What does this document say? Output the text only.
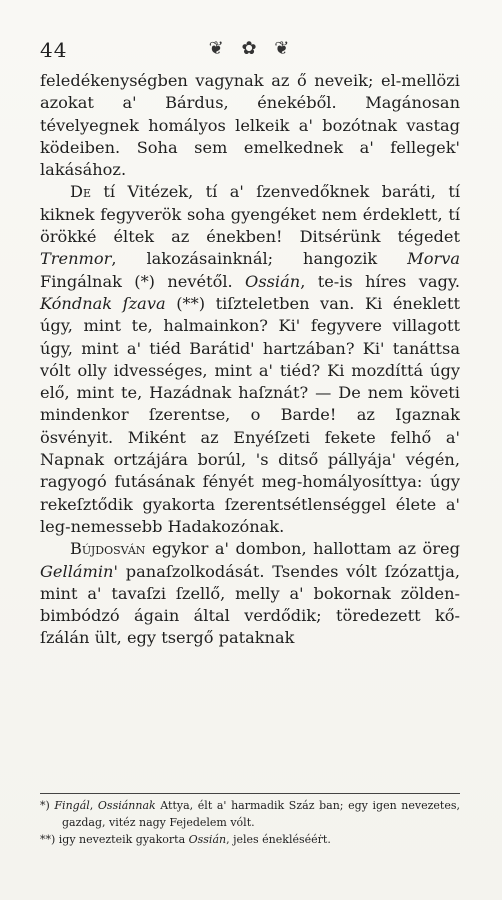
44	❦ ✿ ❦

feledékenységben vagynak az ő neveik; el-mellözi azokat a' Bárdus, énekéből. Magánosan tévelyegnek homályos lelkeik a' bozótnak vastag ködeiben. Soha sem emelkednek a' fellegek' lakásához.

De tí Vitézek, tí a' ſzenvedőknek baráti, tí kiknek fegyverök soha gyengéket nem érdeklett, tí örökké éltek az énekben! Ditsérünk tégedet Trenmor, lakozásainknál; hangozik Morva Fingálnak (*) nevétől. Ossián, te-is híres vagy. Kóndnak ſzava (**) tiſzteletben van. Ki éneklett úgy, mint te, halmainkon? Ki' fegyvere villagott úgy, mint a' tiéd Barátid' hartzában? Ki' tanáttsa vólt olly idvességes, mint a' tiéd? Ki mozdíttá úgy elő, mint te, Hazádnak haſznát? — De nem követi mindenkor ſzerentse, o Barde! az Igaznak ösvényit. Miként az Enyéſzeti fekete felhő a' Napnak ortzájára borúl, 's ditső pállyája' végén, ragyogó futásának fényét meg-homályosíttya: úgy rekeſztődik gyakorta ſzerentsétlenséggel élete a' leg-nemessebb Hadakozónak.

Bújdosván egykor a' dombon, hallottam az öreg Gellámin' panaſzolkodását. Tsendes vólt ſzózattja, mint a' tavaſzi ſzellő, melly a' bokornak zölden-bimbódzó ágain által verdődik; töredezett kő-ſzálán ült, egy tsergő pataknak

*) Fingál, Ossiánnak Attya, élt a' harmadik Száz ban; egy igen nevezetes, gazdag, vitéz nagy Fejedelem vólt.

**) igy nevezteik gyakorta Ossián, jeles éneklésééṙt.
